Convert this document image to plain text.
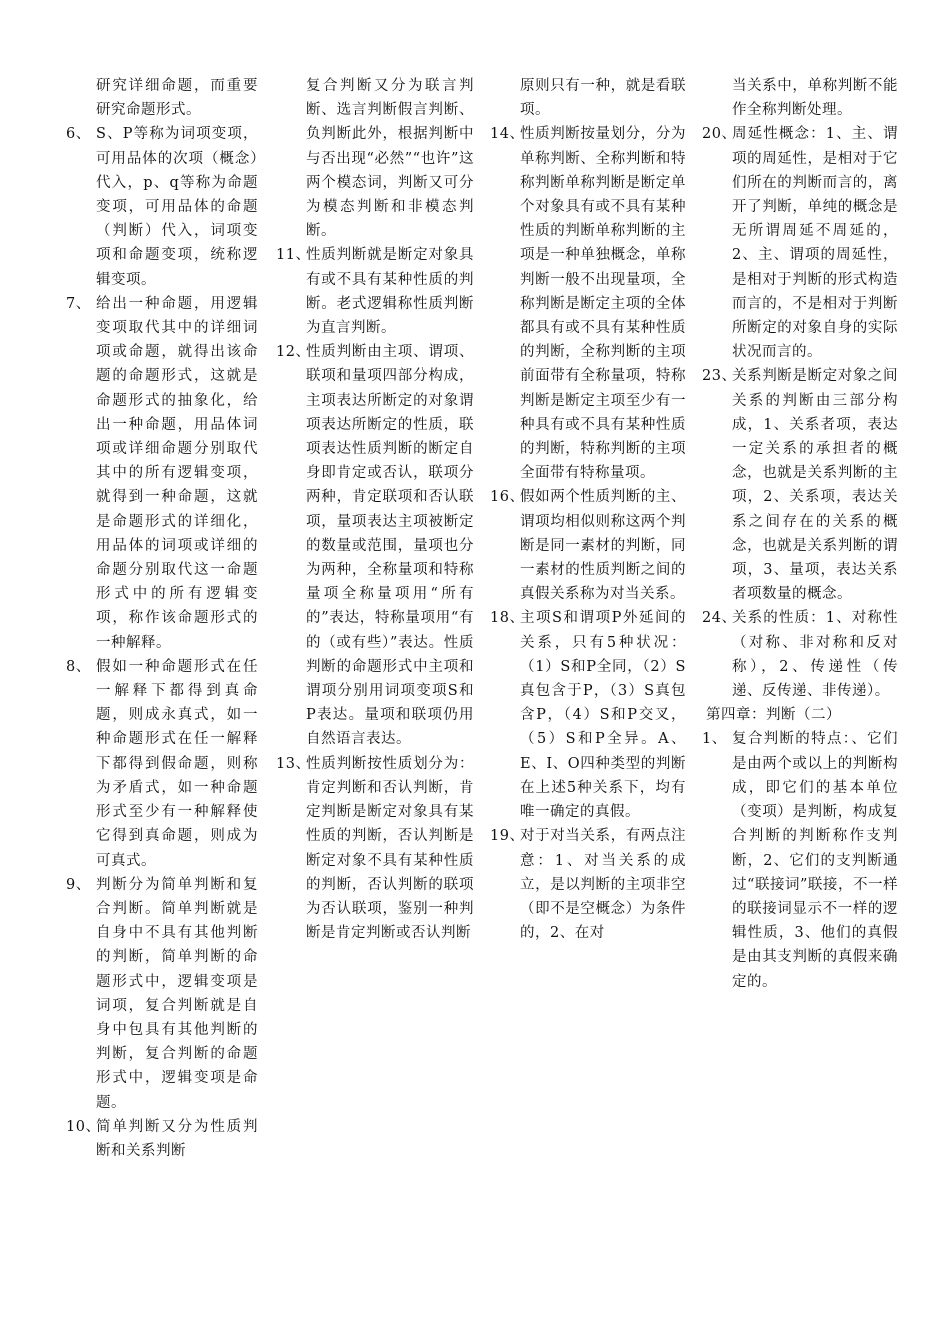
研究详细命题，而重要研究命题形式。

6、 S、P等称为词项变项，可用品体的次项（概念）代入，p、q等称为命题变项，可用品体的命题（判断）代入，词项变项和命题变项，统称逻辑变项。
7、 给出一种命题，用逻辑变项取代其中的详细词项或命题，就得出该命题的命题形式，这就是命题形式的抽象化，给出一种命题，用品体词项或详细命题分别取代其中的所有逻辑变项，就得到一种命题，这就是命题形式的详细化，用品体的词项或详细的命题分别取代这一命题形式中的所有逻辑变项，称作该命题形式的一种解释。
8、 假如一种命题形式在任一解释下都得到真命题，则成永真式，如一种命题形式在任一解释下都得到假命题，则称为矛盾式，如一种命题形式至少有一种解释使它得到真命题，则成为可真式。
9、 判断分为简单判断和复合判断。简单判断就是自身中不具有其他判断的判断，简单判断的命题形式中，逻辑变项是词项，复合判断就是自身中包具有其他判断的判断，复合判断的命题形式中，逻辑变项是命题。
10、
简单判断又分为性质判断和关系判断

复合判断又分为联言判断、选言判断假言判断、负判断此外，根据判断中与否出现“必然”“也许”这两个模态词，判断又可分为模态判断和非模态判断。

11、
性质判断就是断定对象具有或不具有某种性质的判断。老式逻辑称性质判断为直言判断。
12、
性质判断由主项、谓项、联项和量项四部分构成，主项表达所断定的对象谓项表达所断定的性质，联项表达性质判断的断定自身即肯定或否认，联项分两种，肯定联项和否认联项，量项表达主项被断定的数量或范围，量项也分为两种，全称量项和特称量项全称量项用“所有的”表达，特称量项用“有的（或有些）”表达。性质判断的命题形式中主项和谓项分别用词项变项S和P表达。量项和联项仍用自然语言表达。
13、
性质判断按性质划分为：肯定判断和否认判断，肯定判断是断定对象具有某性质的判断，否认判断是断定对象不具有某种性质的判断，否认判断的联项为否认联项，鉴别一种判断是肯定判断或否认判断

原则只有一种，就是看联项。

14、
性质判断按量划分，分为单称判断、全称判断和特称判断单称判断是断定单个对象具有或不具有某种性质的判断单称判断的主项是一种单独概念，单称判断一般不出现量项，全称判断是断定主项的全体都具有或不具有某种性质的判断，全称判断的主项前面带有全称量项，特称判断是断定主项至少有一种具有或不具有某种性质的判断，特称判断的主项全面带有特称量项。
16、
假如两个性质判断的主、谓项均相似则称这两个判断是同一素材的判断，同一素材的性质判断之间的真假关系称为对当关系。
18、
主项S和谓项P外延间的关系，只有5种状况：（1）S和P全同，（2）S真包含于P，（3）S真包含P，（4）S和P交叉，（5）S和P全异。A、E、I、O四种类型的判断在上述5种关系下，均有唯一确定的真假。
19、
对于对当关系，有两点注意：1、对当关系的成立，是以判断的主项非空（即不是空概念）为条件的，2、在对

当关系中，单称判断不能作全称判断处理。

20、
周延性概念：1、主、谓项的周延性，是相对于它们所在的判断而言的，离开了判断，单纯的概念是无所谓周延不周延的，2、主、谓项的周延性，是相对于判断的形式构造而言的，不是相对于判断所断定的对象自身的实际状况而言的。
23、
关系判断是断定对象之间关系的判断由三部分构成，1、关系者项，表达一定关系的承担者的概念，也就是关系判断的主项，2、关系项，表达关系之间存在的关系的概念，也就是关系判断的谓项，3、量项，表达关系者项数量的概念。
24、
关系的性质：1、对称性（对称、非对称和反对称），2、传递性（传递、反传递、非传递）。

第四章：判断（二）

1、 复合判断的特点：、它们是由两个或以上的判断构成，即它们的基本单位（变项）是判断，构成复合判断的判断称作支判断，2、它们的支判断通过“联接词”联接，不一样的联接词显示不一样的逻辑性质，3、他们的真假是由其支判断的真假来确定的。
